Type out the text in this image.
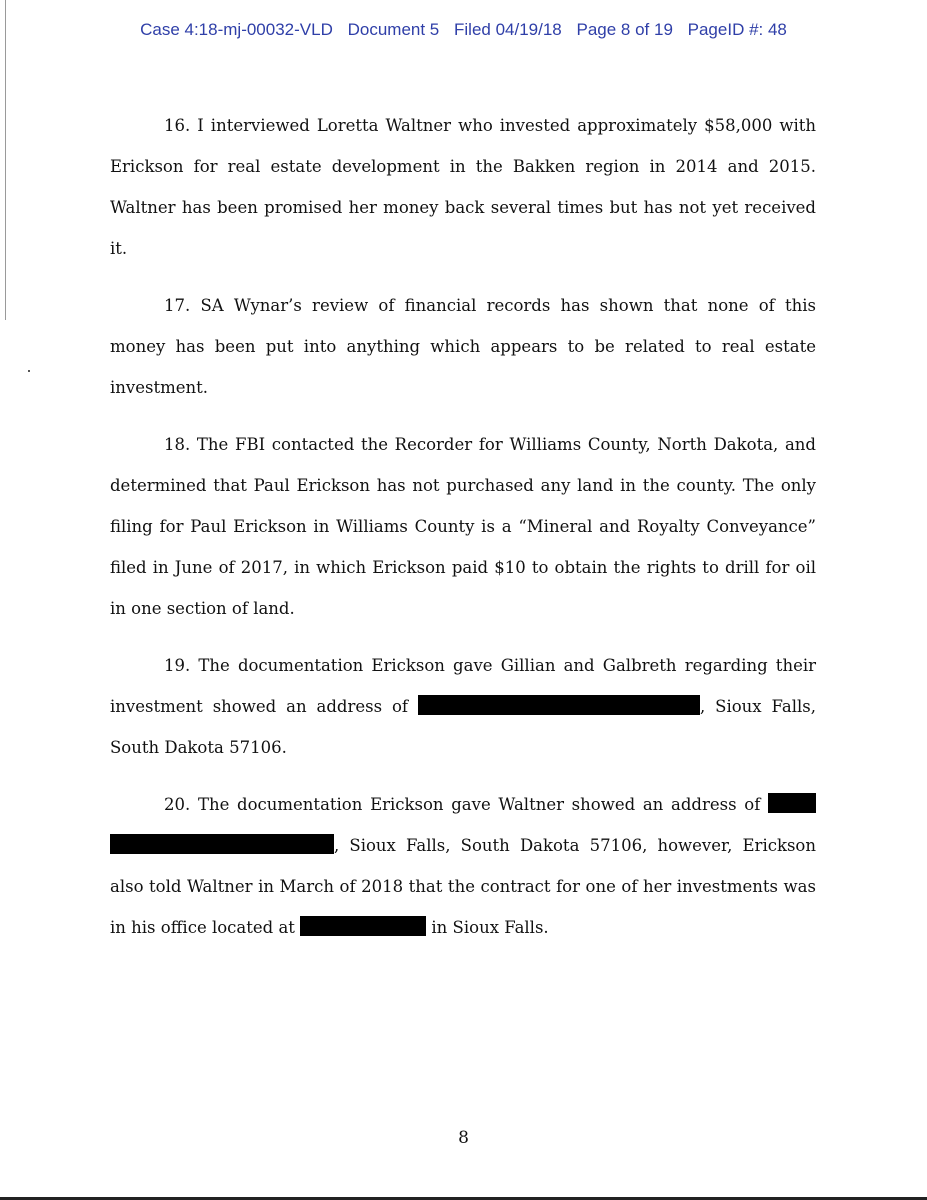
Case 4:18-mj-00032-VLD Document 5 Filed 04/19/18 Page 8 of 19 PageID #: 48

16. I interviewed Loretta Waltner who invested approximately $58,000 with Erickson for real estate development in the Bakken region in 2014 and 2015. Waltner has been promised her money back several times but has not yet received it.

17. SA Wynar’s review of financial records has shown that none of this money has been put into anything which appears to be related to real estate investment.

18. The FBI contacted the Recorder for Williams County, North Dakota, and determined that Paul Erickson has not purchased any land in the county. The only filing for Paul Erickson in Williams County is a “Mineral and Royalty Conveyance” filed in June of 2017, in which Erickson paid $10 to obtain the rights to drill for oil in one section of land.

19. The documentation Erickson gave Gillian and Galbreth regarding their investment showed an address of	, Sioux Falls, South Dakota 57106.

20. The documentation Erickson gave Waltner showed an address of  , Sioux Falls, South Dakota 57106, however, Erickson also told Waltner in March of 2018 that the contract for one of her investments was in his office located at	in Sioux Falls.

8
